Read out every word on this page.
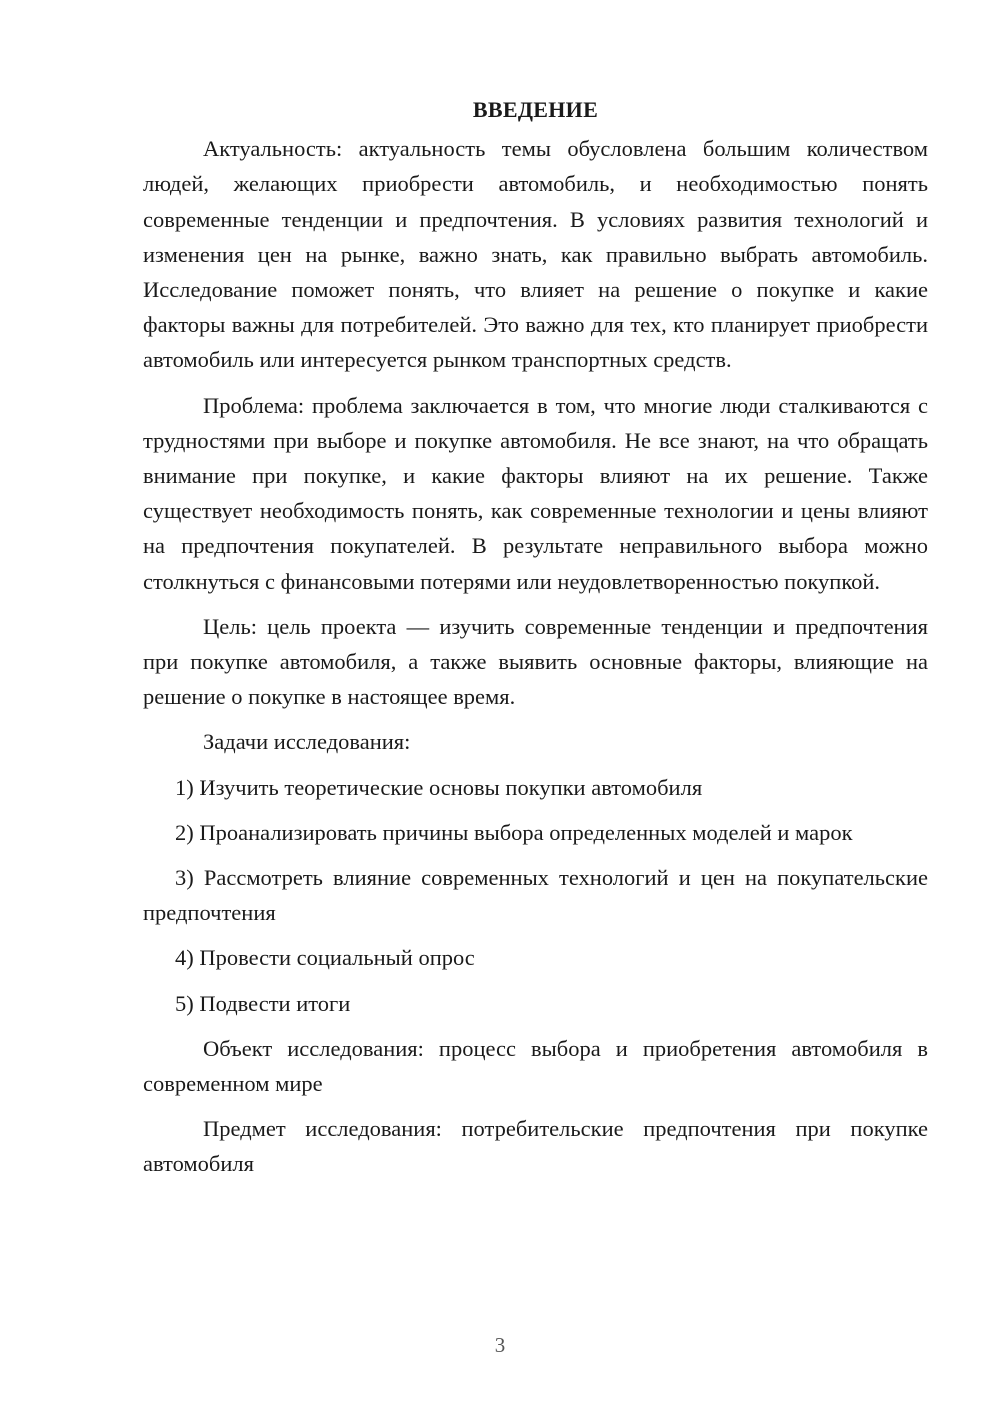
ВВЕДЕНИЕ

Актуальность: актуальность темы обусловлена большим количеством людей, желающих приобрести автомобиль, и необходимостью понять современные тенденции и предпочтения. В условиях развития технологий и изменения цен на рынке, важно знать, как правильно выбрать автомобиль. Исследование поможет понять, что влияет на решение о покупке и какие факторы важны для потребителей. Это важно для тех, кто планирует приобрести автомобиль или интересуется рынком транспортных средств.

Проблема: проблема заключается в том, что многие люди сталкиваются с трудностями при выборе и покупке автомобиля. Не все знают, на что обращать внимание при покупке, и какие факторы влияют на их решение. Также существует необходимость понять, как современные технологии и цены влияют на предпочтения покупателей. В результате неправильного выбора можно столкнуться с финансовыми потерями или неудовлетворенностью покупкой.

Цель: цель проекта — изучить современные тенденции и предпочтения при покупке автомобиля, а также выявить основные факторы, влияющие на решение о покупке в настоящее время.

Задачи исследования:

1) Изучить теоретические основы покупки автомобиля

2) Проанализировать причины выбора определенных моделей и марок

3) Рассмотреть влияние современных технологий и цен на покупательские предпочтения

4) Провести социальный опрос

5) Подвести итоги

Объект исследования: процесс выбора и приобретения автомобиля в современном мире

Предмет исследования: потребительские предпочтения при покупке автомобиля

3
